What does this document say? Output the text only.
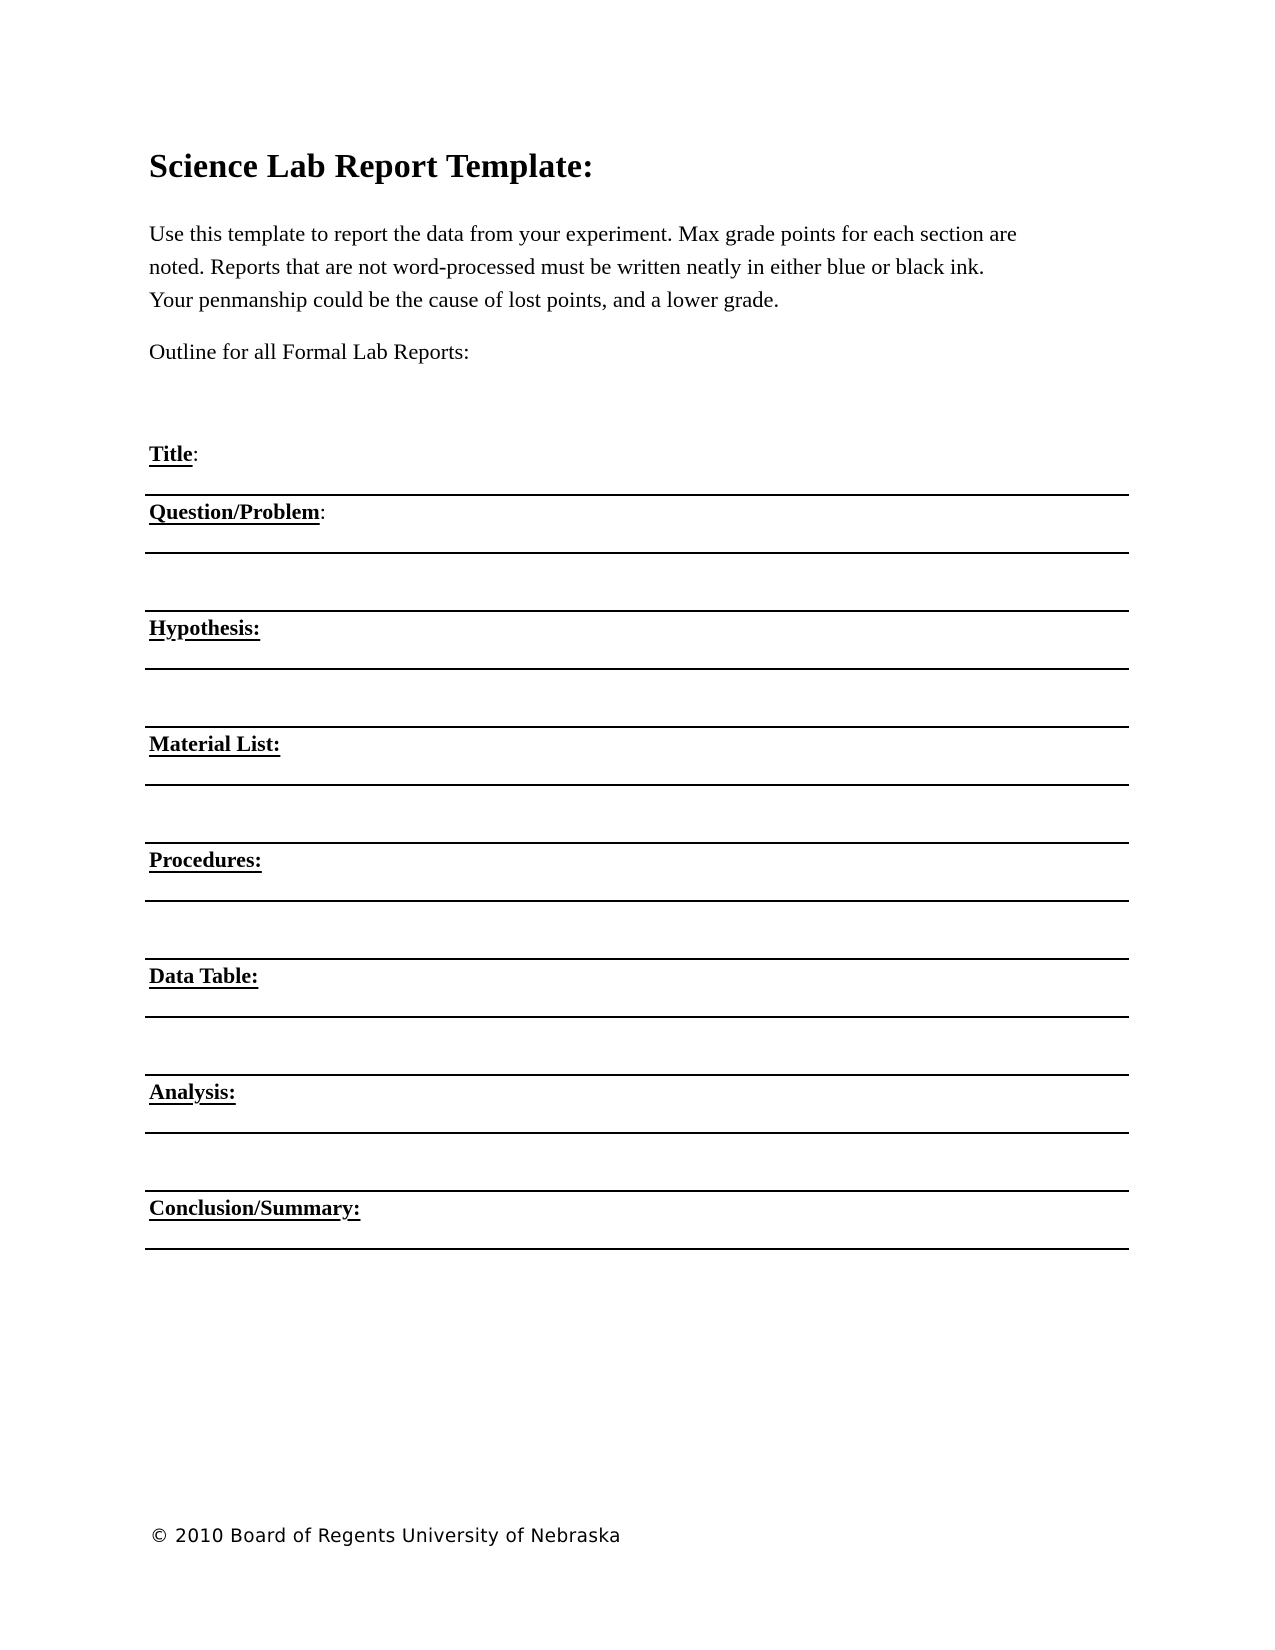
Science Lab Report Template:

Use this template to report the data from your experiment. Max grade points for each section are
noted. Reports that are not word-processed must be written neatly in either blue or black ink.
Your penmanship could be the cause of lost points, and a lower grade.

Outline for all Formal Lab Reports:

Title:
Question/Problem:
Hypothesis:
Material List:
Procedures:
Data Table:
Analysis:
Conclusion/Summary:

© 2010 Board of Regents University of Nebraska
